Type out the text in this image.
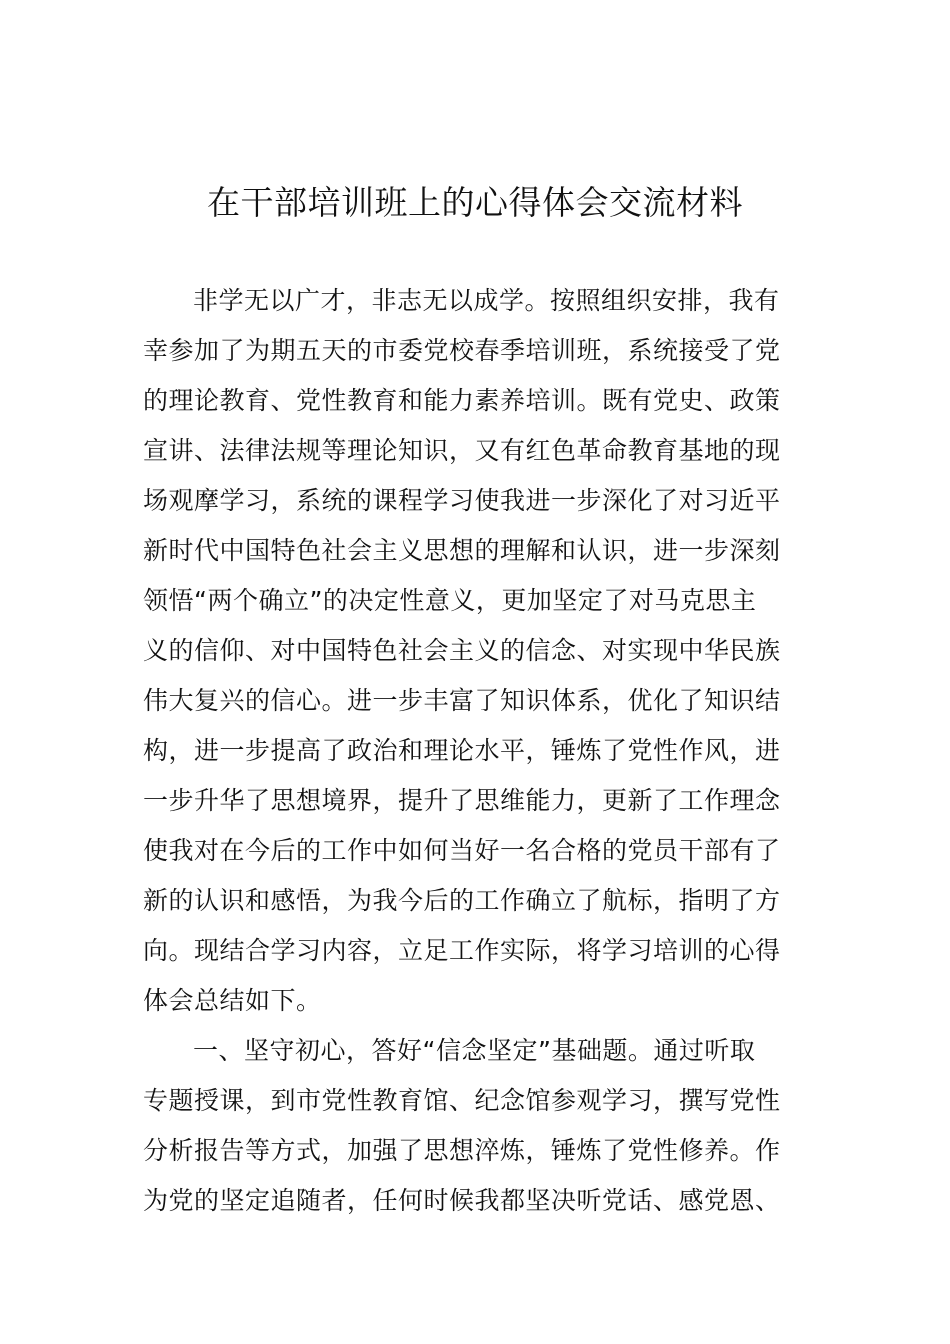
在干部培训班上的心得体会交流材料
非学无以广才，非志无以成学。按照组织安排，我有
幸参加了为期五天的市委党校春季培训班，系统接受了党
的理论教育、党性教育和能力素养培训。既有党史、政策
宣讲、法律法规等理论知识，又有红色革命教育基地的现
场观摩学习，系统的课程学习使我进一步深化了对习近平
新时代中国特色社会主义思想的理解和认识，进一步深刻
领悟“两个确立”的决定性意义，更加坚定了对马克思主
义的信仰、对中国特色社会主义的信念、对实现中华民族
伟大复兴的信心。进一步丰富了知识体系，优化了知识结
构，进一步提高了政治和理论水平，锤炼了党性作风，进
一步升华了思想境界，提升了思维能力，更新了工作理念
使我对在今后的工作中如何当好一名合格的党员干部有了
新的认识和感悟，为我今后的工作确立了航标，指明了方
向。现结合学习内容，立足工作实际，将学习培训的心得
体会总结如下。
一、坚守初心，答好“信念坚定”基础题。通过听取
专题授课，到市党性教育馆、纪念馆参观学习，撰写党性
分析报告等方式，加强了思想淬炼，锤炼了党性修养。作
为党的坚定追随者，任何时候我都坚决听党话、感党恩、
